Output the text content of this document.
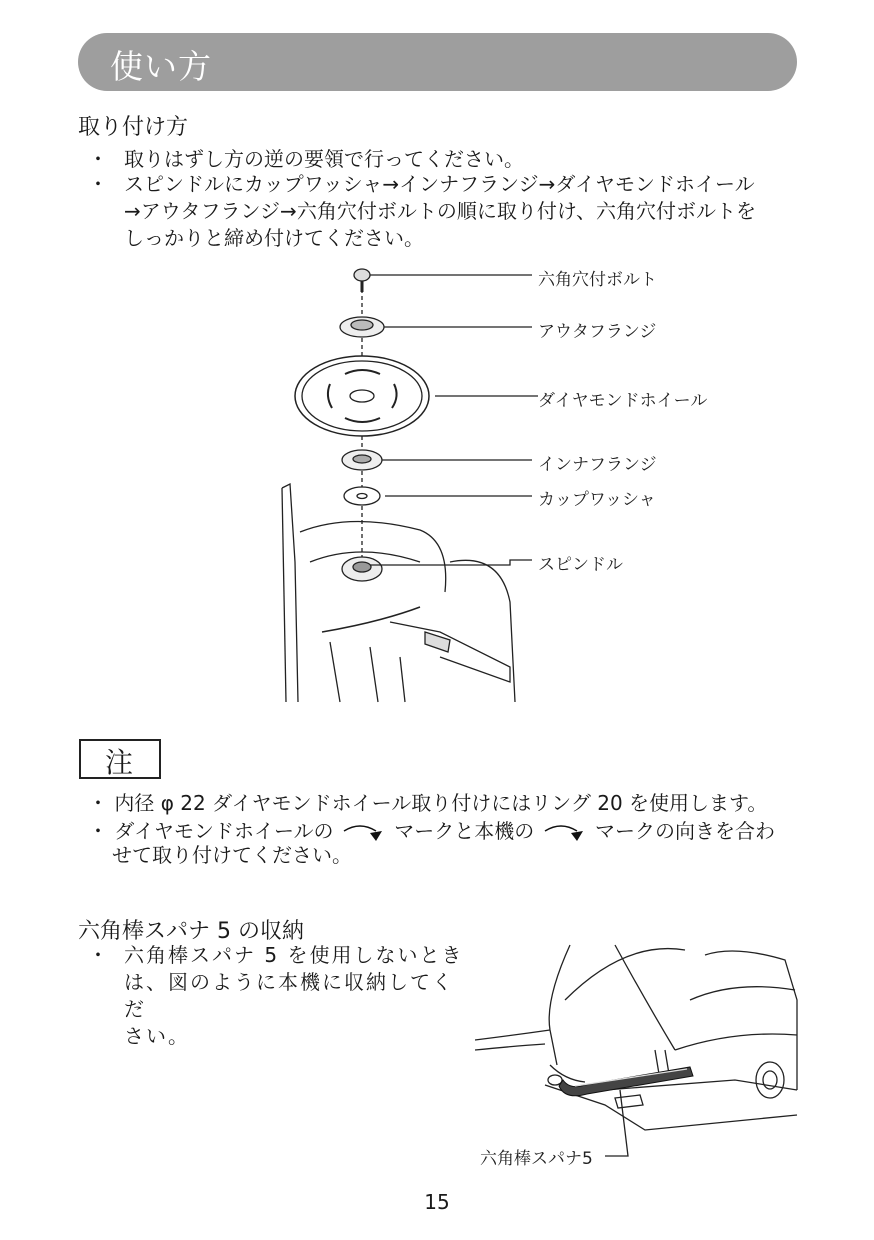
使い方
取り付け方
・ 取りはずし方の逆の要領で行ってください。
・ スピンドルにカップワッシャ→インナフランジ→ダイヤモンドホイール
→アウタフランジ→六角穴付ボルトの順に取り付け、六角穴付ボルトを
しっかりと締め付けてください。
六角穴付ボルト
アウタフランジ
ダイヤモンドホイール
インナフランジ
カップワッシャ
スピンドル
注
・ 内径 φ 22 ダイヤモンドホイール取り付けにはリング 20 を使用します。
・ ダイヤモンドホイールの	マークと本機の	マークの向きを合わ
せて取り付けてください。
六角棒スパナ 5 の収納
・ 六角棒スパナ 5 を使用しないとき
は、図のように本機に収納してくだ
さい。
六角棒スパナ5
15
